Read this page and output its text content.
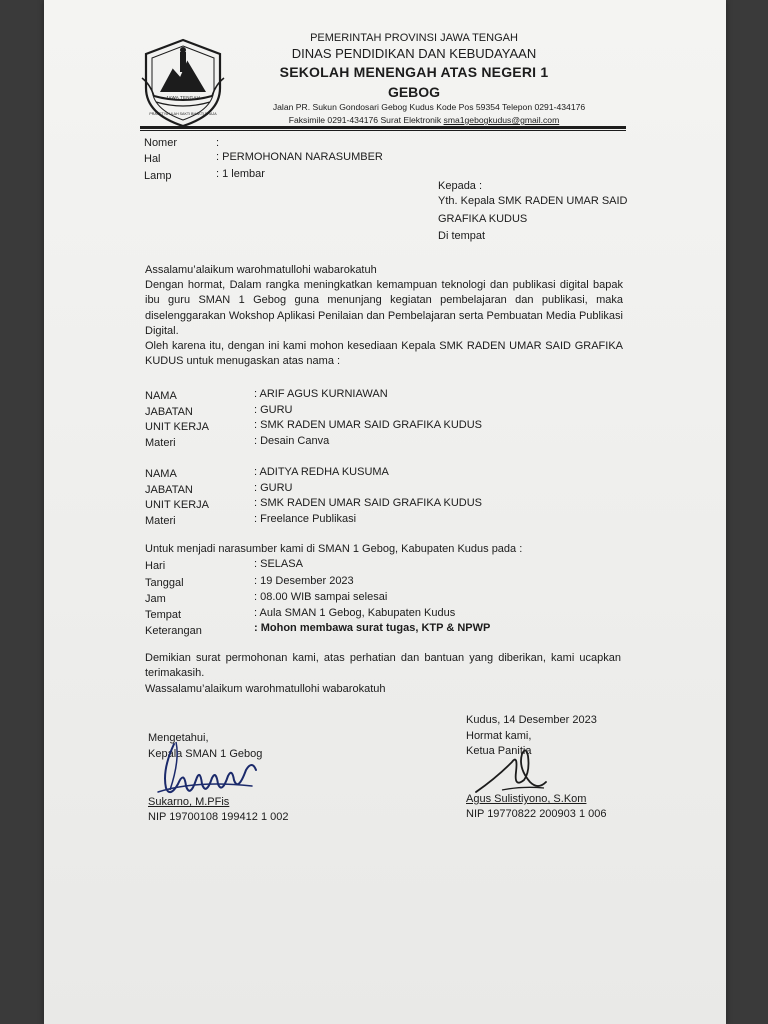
JAWA TENGAH
PRASETYA ULAH SAKTI BHAKTI PRAJA
PEMERINTAH PROVINSI JAWA TENGAH
DINAS PENDIDIKAN DAN KEBUDAYAAN
SEKOLAH MENENGAH ATAS NEGERI 1
GEBOG
Jalan PR. Sukun Gondosari Gebog Kudus Kode Pos 59354 Telepon 0291-434176
Faksimile 0291-434176 Surat Elektronik sma1gebogkudus@gmail.com
Nomer	:
Hal	: PERMOHONAN NARASUMBER
Lamp	: 1 lembar
Kepada :
Yth. Kepala SMK RADEN UMAR SAID
GRAFIKA KUDUS
Di tempat
Assalamu’alaikum warohmatullohi wabarokatuh
Dengan hormat, Dalam rangka meningkatkan kemampuan teknologi dan publikasi digital bapak
ibu guru SMAN 1 Gebog guna menunjang kegiatan pembelajaran dan publikasi, maka
diselenggarakan Wokshop Aplikasi Penilaian dan Pembelajaran serta Pembuatan Media Publikasi
Digital.
Oleh karena itu, dengan ini kami mohon kesediaan Kepala SMK RADEN UMAR SAID GRAFIKA
KUDUS untuk menugaskan atas nama :
NAMA	: ARIF AGUS KURNIAWAN
JABATAN	: GURU
UNIT KERJA	: SMK RADEN UMAR SAID GRAFIKA KUDUS
Materi	: Desain Canva
NAMA	: ADITYA REDHA KUSUMA
JABATAN	: GURU
UNIT KERJA	: SMK RADEN UMAR SAID GRAFIKA KUDUS
Materi	: Freelance Publikasi
Untuk menjadi narasumber kami di SMAN 1 Gebog, Kabupaten Kudus pada :
Hari	: SELASA
Tanggal	: 19 Desember 2023
Jam	: 08.00 WIB sampai selesai
Tempat	: Aula SMAN 1 Gebog, Kabupaten Kudus
Keterangan	: Mohon membawa surat tugas, KTP & NPWP
Demikian surat permohonan kami, atas perhatian dan bantuan yang diberikan, kami ucapkan
terimakasih.
Wassalamu’alaikum warohmatullohi wabarokatuh
Mengetahui,
Kepala SMAN 1 Gebog
Sukarno, M.PFis
NIP 19700108 199412 1 002
Kudus, 14 Desember 2023
Hormat kami,
Ketua Panitia
Agus Sulistiyono, S.Kom
NIP 19770822 200903 1 006
